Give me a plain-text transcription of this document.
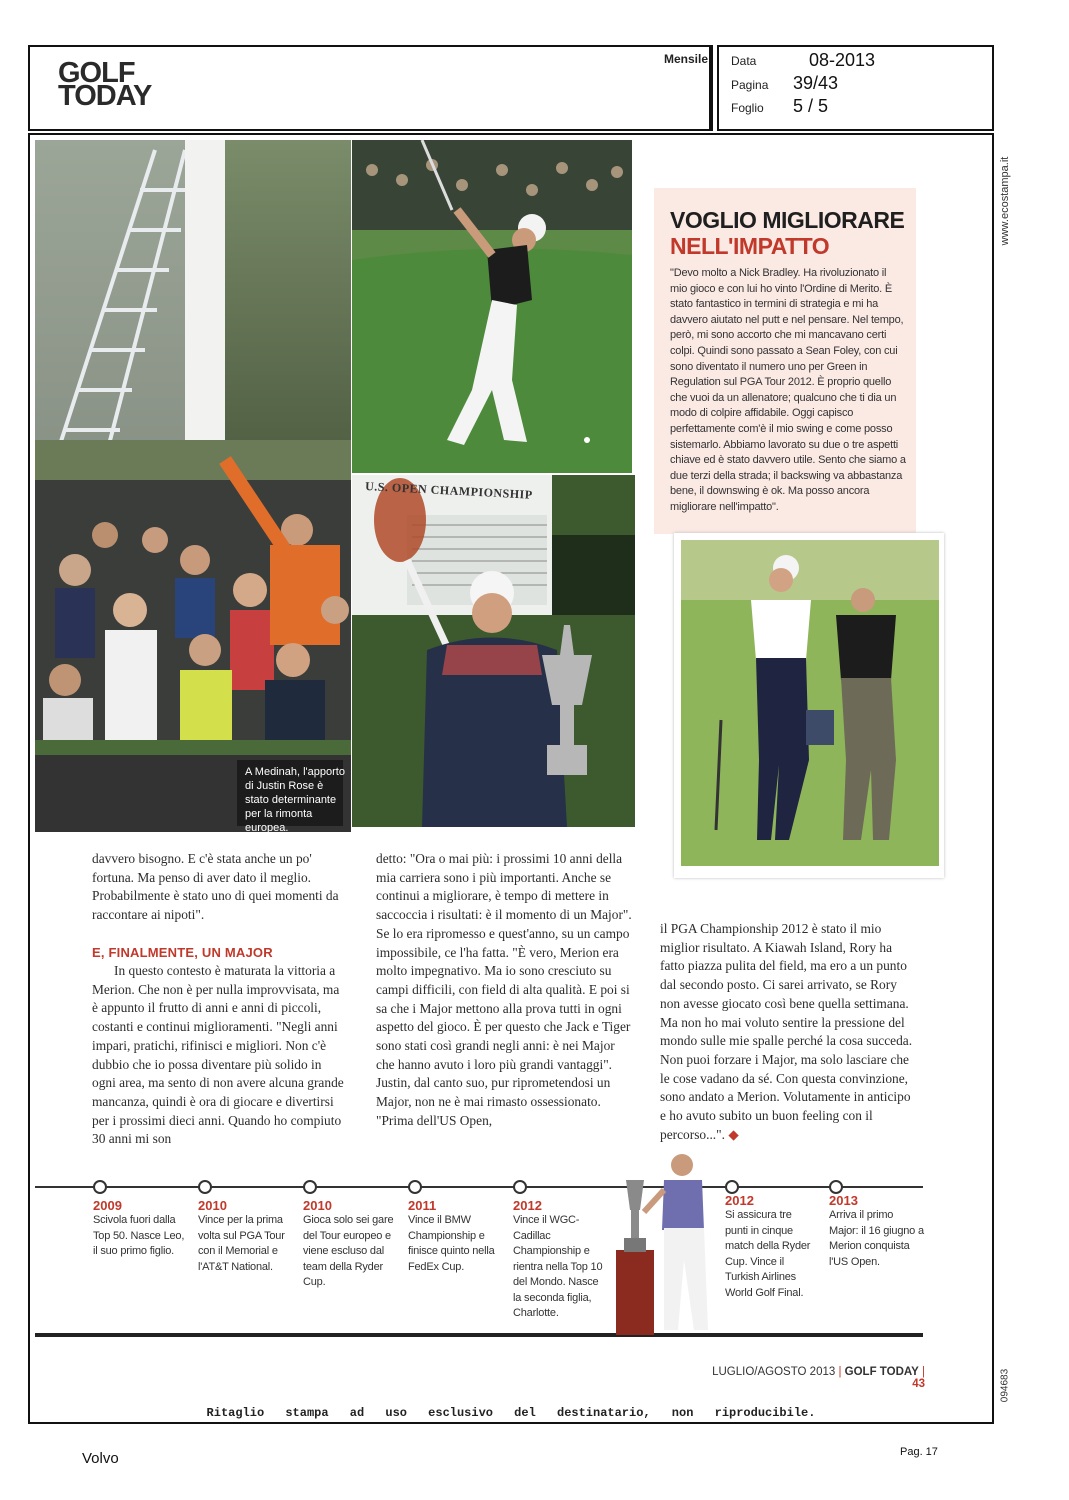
GOLF
TODAY
Mensile Data	08-2013
Pagina 39/43
Foglio 5 / 5
www.ecostampa.it
094683
A Medinah, l'apporto di Justin Rose è stato determinante per la rimonta europea.
U.S. OPEN CHAMPIONSHIP
VOGLIO MIGLIORARE
NELL'IMPATTO
"Devo molto a Nick Bradley. Ha rivoluzionato il mio gioco e con lui ho vinto l'Ordine di Merito. È stato fantastico in termini di strategia e mi ha davvero aiutato nel putt e nel pensare. Nel tempo, però, mi sono accorto che mi mancavano certi colpi. Quindi sono passato a Sean Foley, con cui sono diventato il numero uno per Green in Regulation sul PGA Tour 2012. È proprio quello che vuoi da un allenatore; qualcuno che ti dia un modo di colpire affidabile. Oggi capisco perfettamente com'è il mio swing e come posso sistemarlo. Abbiamo lavorato su due o tre aspetti chiave ed è stato davvero utile. Sento che siamo a due terzi della strada; il backswing va abbastanza bene, il downswing è ok. Ma posso ancora migliorare nell'impatto".
davvero bisogno. E c'è stata anche un po' fortuna. Ma penso di aver dato il meglio. Probabilmente è stato uno di quei momenti da raccontare ai nipoti".
E, FINALMENTE, UN MAJOR
In questo contesto è maturata la vittoria a Merion. Che non è per nulla improvvisata, ma è appunto il frutto di anni e anni di piccoli, costanti e continui miglioramenti. "Negli anni impari, pratichi, rifinisci e migliori. Non c'è dubbio che io possa diventare più solido in ogni area, ma sento di non avere alcuna grande mancanza, quindi è ora di giocare e divertirsi per i prossimi dieci anni. Quando ho compiuto 30 anni mi son
detto: "Ora o mai più: i prossimi 10 anni della mia carriera sono i più importanti. Anche se continui a migliorare, è tempo di mettere in saccoccia i risultati: è il momento di un Major". Se lo era ripromesso e quest'anno, su un campo impossibile, ce l'ha fatta. "È vero, Merion era molto impegnativo. Ma io sono cresciuto su campi difficili, con field di alta qualità. E poi si sa che i Major mettono alla prova tutti in ogni aspetto del gioco. È per questo che Jack e Tiger sono stati così grandi negli anni: è nei Major che hanno avuto i loro più grandi vantaggi". Justin, dal canto suo, pur riprometendosi un Major, non ne è mai rimasto ossessionato. "Prima dell'US Open,
il PGA Championship 2012 è stato il mio miglior risultato. A Kiawah Island, Rory ha fatto piazza pulita del field, ma ero a un punto dal secondo posto. Ci sarei arrivato, se Rory non avesse giocato così bene quella settimana. Ma non ho mai voluto sentire la pressione del mondo sulle mie spalle perché la cosa succeda. Non puoi forzare i Major, ma solo lasciare che le cose vadano da sé. Con questa convinzione, sono andato a Merion. Volutamente in anticipo e ho avuto subito un buon feeling con il percorso...". ◆
2009
Scivola fuori dalla Top 50. Nasce Leo, il suo primo figlio.
2010
Vince per la prima volta sul PGA Tour con il Memorial e l'AT&T National.
2010
Gioca solo sei gare del Tour europeo e viene escluso dal team della Ryder Cup.
2011
Vince il BMW Championship e finisce quinto nella FedEx Cup.
2012
Vince il WGC-Cadillac Championship e rientra nella Top 10 del Mondo. Nasce la seconda figlia, Charlotte.
2012
Si assicura tre punti in cinque match della Ryder Cup. Vince il Turkish Airlines World Golf Final.
2013
Arriva il primo Major: il 16 giugno a Merion conquista l'US Open.
LUGLIO/AGOSTO 2013 | GOLF TODAY | 43
Ritaglio stampa ad uso esclusivo del destinatario, non riproducibile.
Volvo	Pag. 17
